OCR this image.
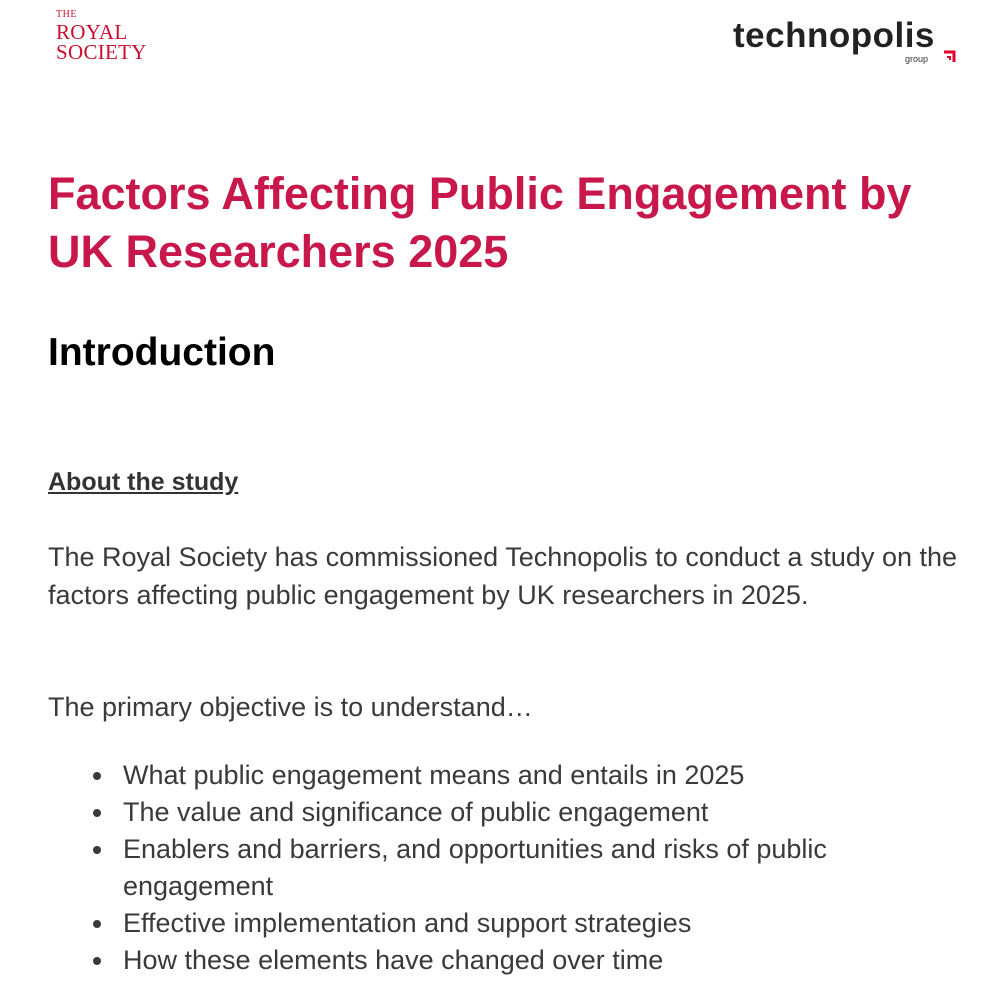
THE
ROYAL
SOCIETY	technopolis
group
Factors Affecting Public Engagement by UK Researchers 2025
Introduction
About the study

The Royal Society has commissioned Technopolis to conduct a study on the factors affecting public engagement by UK researchers in 2025.

The primary objective is to understand…

What public engagement means and entails in 2025
The value and significance of public engagement
Enablers and barriers, and opportunities and risks of public engagement
Effective implementation and support strategies
How these elements have changed over time
